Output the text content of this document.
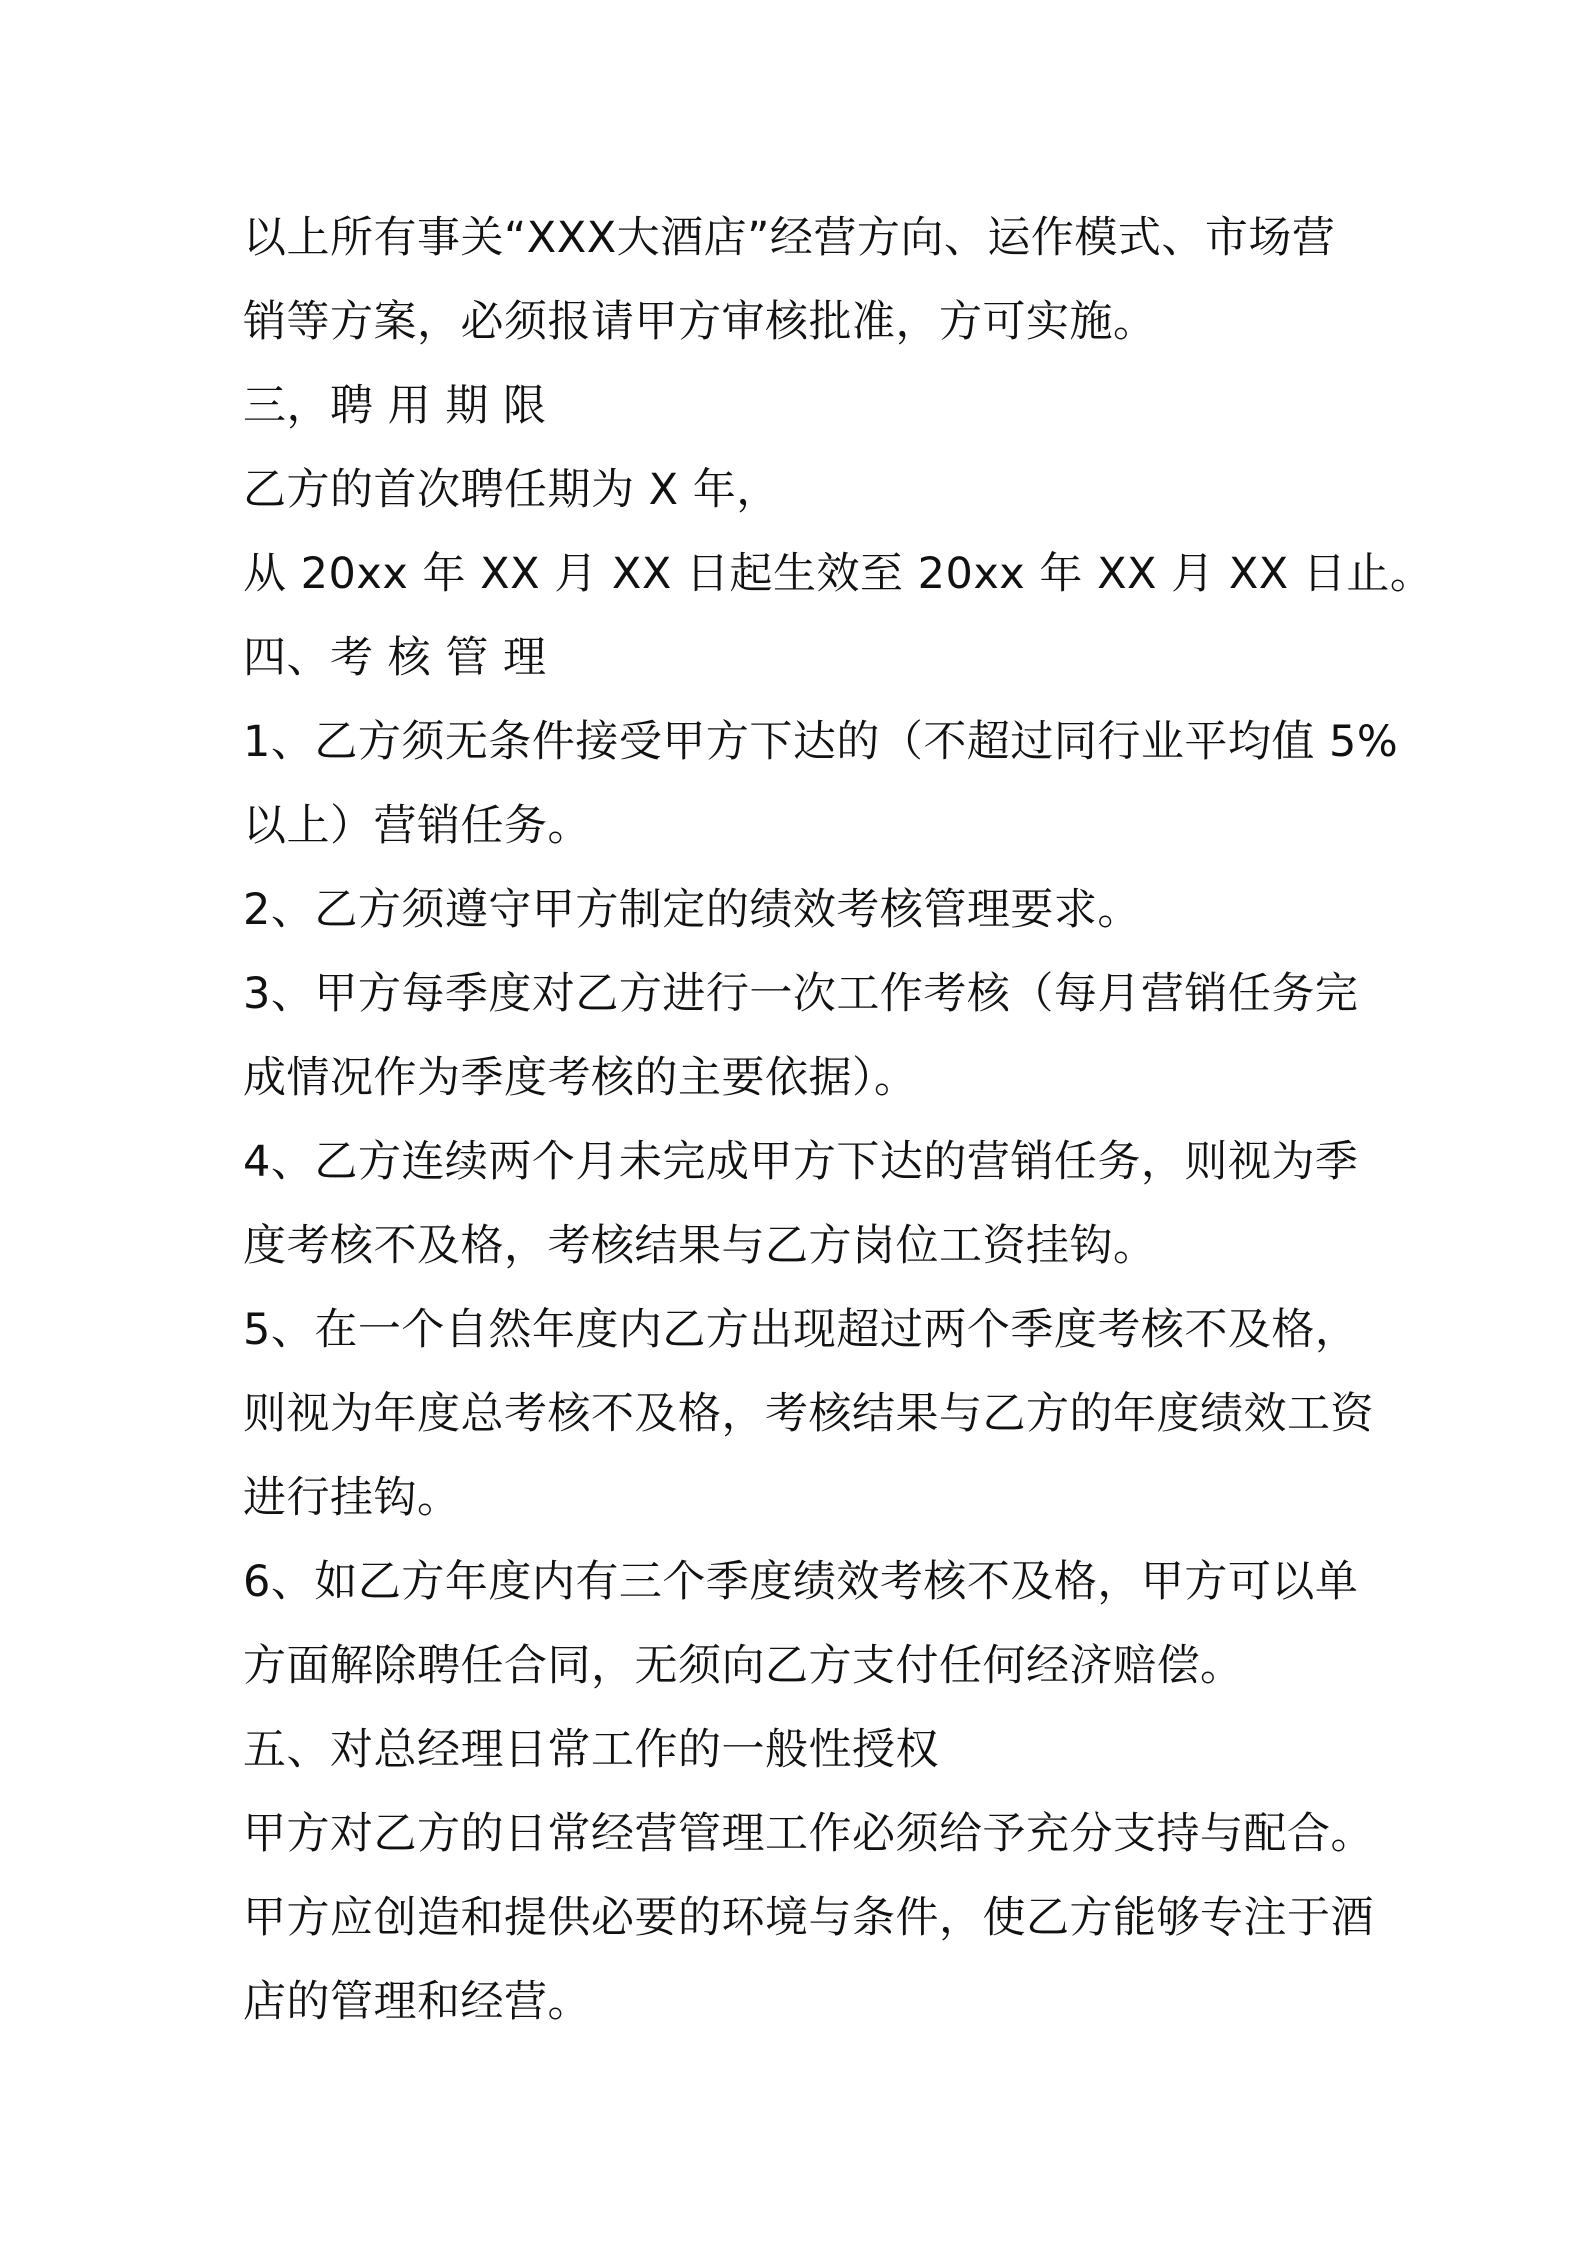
以上所有事关“XXX大酒店”经营方向、运作模式、市场营
销等方案，必须报请甲方审核批准，方可实施。
三，聘 用 期 限
乙方的首次聘任期为 X 年，
从 20xx 年 XX 月 XX 日起生效至 20xx 年 XX 月 XX 日止。
四、考 核 管 理
1、乙方须无条件接受甲方下达的（不超过同行业平均值 5%
以上）营销任务。
2、乙方须遵守甲方制定的绩效考核管理要求。
3、甲方每季度对乙方进行一次工作考核（每月营销任务完
成情况作为季度考核的主要依据）。
4、乙方连续两个月未完成甲方下达的营销任务，则视为季
度考核不及格，考核结果与乙方岗位工资挂钩。
5、在一个自然年度内乙方出现超过两个季度考核不及格，
则视为年度总考核不及格，考核结果与乙方的年度绩效工资
进行挂钩。
6、如乙方年度内有三个季度绩效考核不及格，甲方可以单
方面解除聘任合同，无须向乙方支付任何经济赔偿。
五、对总经理日常工作的一般性授权
甲方对乙方的日常经营管理工作必须给予充分支持与配合。
甲方应创造和提供必要的环境与条件，使乙方能够专注于酒
店的管理和经营。
